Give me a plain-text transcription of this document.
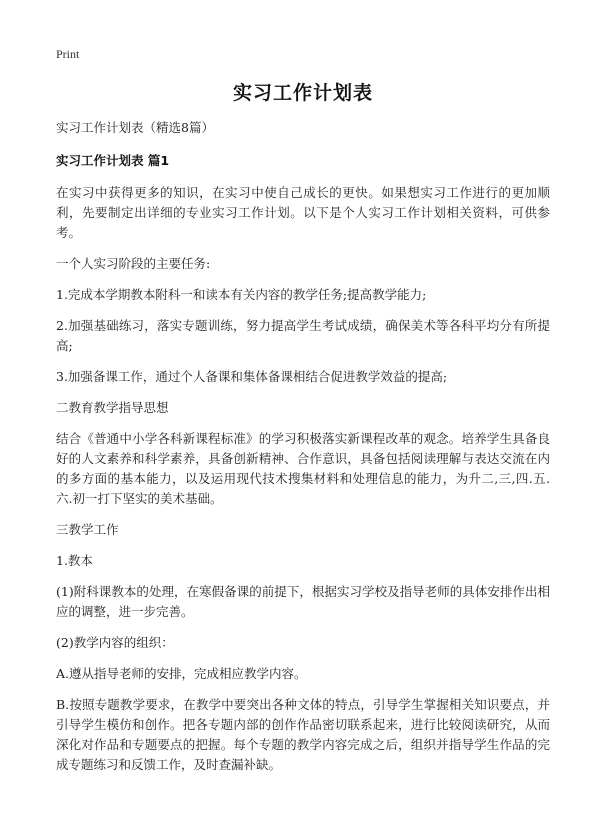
Print

实习工作计划表

实习工作计划表（精选8篇）

实习工作计划表 篇1

在实习中获得更多的知识，在实习中使自己成长的更快。如果想实习工作进行的更加顺利，先要制定出详细的专业实习工作计划。以下是个人实习工作计划相关资料，可供参考。

一个人实习阶段的主要任务:

1.完成本学期教本附科一和读本有关内容的教学任务;提高教学能力;

2.加强基础练习，落实专题训练，努力提高学生考试成绩，确保美术等各科平均分有所提高;

3.加强备课工作，通过个人备课和集体备课相结合促进教学效益的提高;

二教育教学指导思想

结合《普通中小学各科新课程标准》的学习积极落实新课程改革的观念。培养学生具备良好的人文素养和科学素养，具备创新精神、合作意识，具备包括阅读理解与表达交流在内的多方面的基本能力，以及运用现代技术搜集材料和处理信息的能力，为升二,三,四.五.六.初一打下坚实的美术基础。

三教学工作

1.教本

(1)附科课教本的处理，在寒假备课的前提下，根据实习学校及指导老师的具体安排作出相应的调整，进一步完善。

(2)教学内容的组织：

A.遵从指导老师的安排，完成相应教学内容。

B.按照专题教学要求，在教学中要突出各种文体的特点，引导学生掌握相关知识要点，并引导学生模仿和创作。把各专题内部的创作作品密切联系起来，进行比较阅读研究，从而深化对作品和专题要点的把握。每个专题的教学内容完成之后，组织并指导学生作品的完成专题练习和反馈工作，及时查漏补缺。
